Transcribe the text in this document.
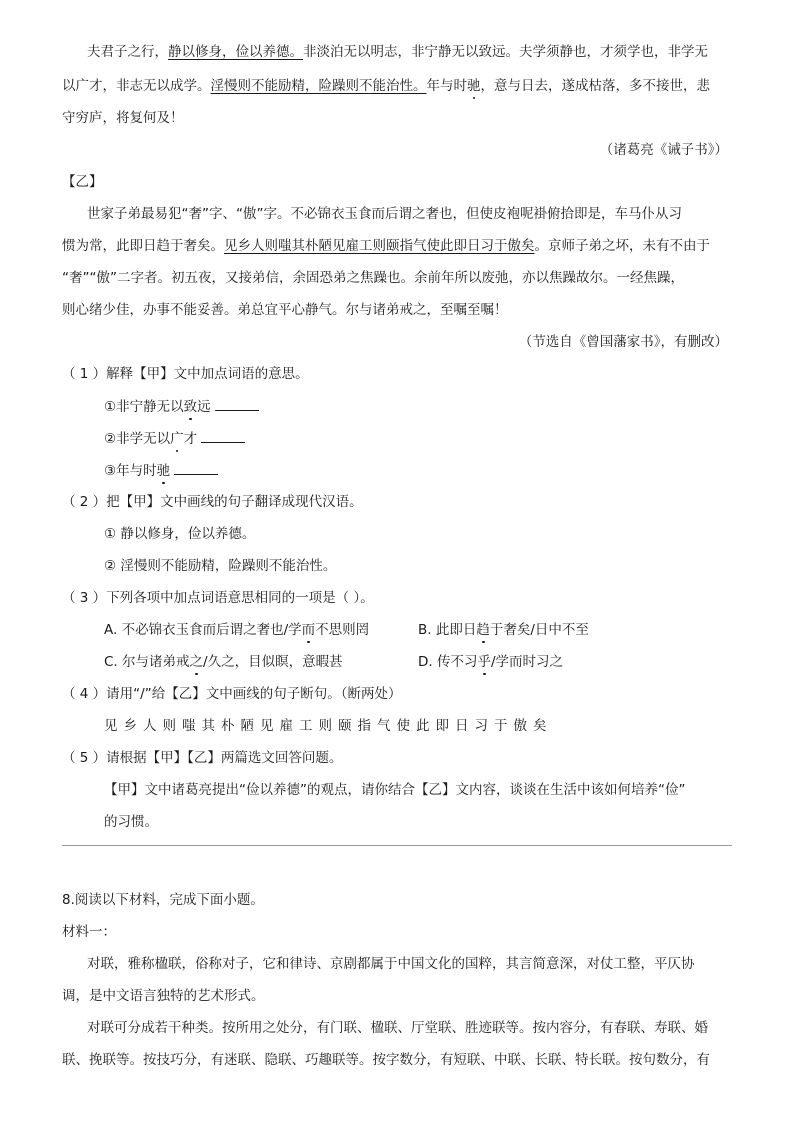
夫君子之行，静以修身，俭以养德。非淡泊无以明志，非宁静无以致远。夫学须静也，才须学也，非学无
以广才，非志无以成学。淫慢则不能励精，险躁则不能治性。年与时驰，意与日去，遂成枯落，多不接世，悲
守穷庐，将复何及！
（诸葛亮《诫子书》）
【乙】
世家子弟最易犯“奢”字、“傲”字。不必锦衣玉食而后谓之奢也，但使皮袍呢褂俯拾即是，车马仆从习
惯为常，此即日趋于奢矣。见乡人则嗤其朴陋见雇工则颐指气使此即日习于傲矣。京师子弟之坏，未有不由于
“奢”“傲”二字者。初五夜，又接弟信，余固恐弟之焦躁也。余前年所以废弛，亦以焦躁故尔。一经焦躁，
则心绪少佳，办事不能妥善。弟总宜平心静气。尔与诸弟戒之，至嘱至嘱！
（节选自《曾国藩家书》，有删改）
（ 1 ）解释【甲】文中加点词语的意思。
①非宁静无以致远
②非学无以广才
③年与时驰
（ 2 ）把【甲】文中画线的句子翻译成现代汉语。
① 静以修身，俭以养德。
② 淫慢则不能励精，险躁则不能治性。
（ 3 ）下列各项中加点词语意思相同的一项是（ ）。
A. 不必锦衣玉食而后谓之奢也/学而不思则罔	B. 此即日趋于奢矣/日中不至
C. 尔与诸弟戒之/久之，目似瞑，意暇甚	D. 传不习乎/学而时习之
（ 4 ）请用“/”给【乙】文中画线的句子断句。（断两处）
见乡人则嗤其朴陋见雇工则颐指气使此即日习于傲矣
（ 5 ）请根据【甲】【乙】两篇选文回答问题。
【甲】文中诸葛亮提出“俭以养德”的观点，请你结合【乙】文内容，谈谈在生活中该如何培养“俭”
的习惯。
8.阅读以下材料，完成下面小题。
材料一：
对联，雅称楹联，俗称对子，它和律诗、京剧都属于中国文化的国粹，其言简意深，对仗工整，平仄协
调，是中文语言独特的艺术形式。
对联可分成若干种类。按所用之处分，有门联、楹联、厅堂联、胜迹联等。按内容分，有春联、寿联、婚
联、挽联等。按技巧分，有迷联、隐联、巧趣联等。按字数分，有短联、中联、长联、特长联。按句数分，有
